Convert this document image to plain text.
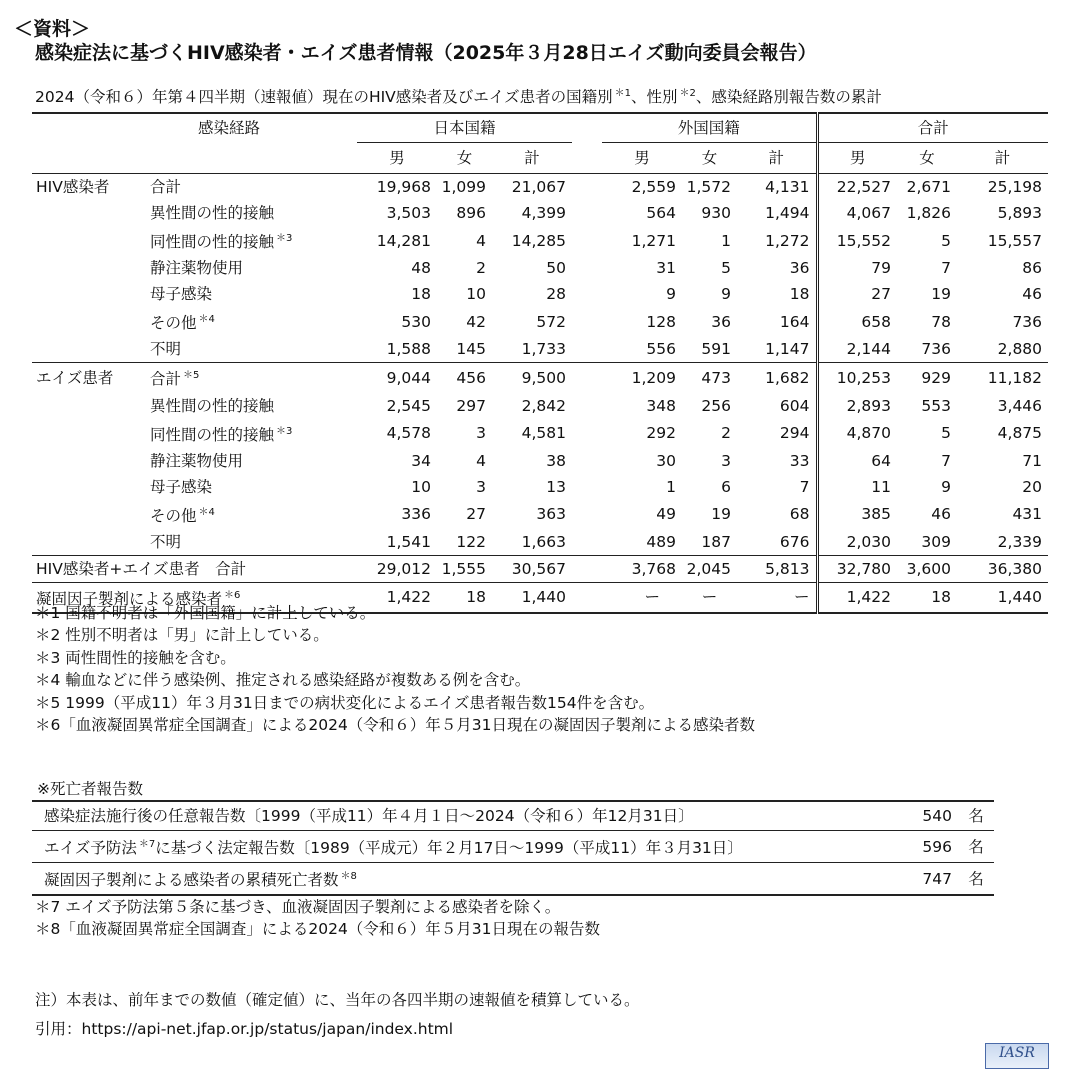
＜資料＞
感染症法に基づくHIV感染者・エイズ患者情報（2025年３月28日エイズ動向委員会報告）
2024（令和６）年第４四半期（速報値）現在のHIV感染者及びエイズ患者の国籍別 $^{*1}$、性別 $^{*2}$、感染経路別報告数の累計
	感染経路	日本国籍				外国国籍			合計		
		男	女	計		男	女	計	男	女	計
HIV感染者	合計	19,968	1,099	21,067		2,559	1,572	4,131	22,527	2,671	25,198
	異性間の性的接触	3,503	896	4,399		564	930	1,494	4,067	1,826	5,893
	同性間の性的接触 $^{*3}$	14,281	4	14,285		1,271	1	1,272	15,552	5	15,557
	静注薬物使用	48	2	50		31	5	36	79	7	86
	母子感染	18	10	28		9	9	18	27	19	46
	その他 $^{*4}$	530	42	572		128	36	164	658	78	736
	不明	1,588	145	1,733		556	591	1,147	2,144	736	2,880
エイズ患者	合計 $^{*5}$	9,044	456	9,500		1,209	473	1,682	10,253	929	11,182
	異性間の性的接触	2,545	297	2,842		348	256	604	2,893	553	3,446
	同性間の性的接触 $^{*3}$	4,578	3	4,581		292	2	294	4,870	5	4,875
	静注薬物使用	34	4	38		30	3	33	64	7	71
	母子感染	10	3	13		1	6	7	11	9	20
	その他 $^{*4}$	336	27	363		49	19	68	385	46	431
	不明	1,541	122	1,663		489	187	676	2,030	309	2,339
HIV感染者+エイズ患者　合計		29,012	1,555	30,567		3,768	2,045	5,813	32,780	3,600	36,380
凝固因子製剤による感染者 $^{*6}$		1,422	18	1,440		ー	ー	ー	1,422	18	1,440
＊1 国籍不明者は「外国国籍」に計上している。
＊2 性別不明者は「男」に計上している。
＊3 両性間性的接触を含む。
＊4 輸血などに伴う感染例、推定される感染経路が複数ある例を含む。
＊5 1999（平成11）年３月31日までの病状変化によるエイズ患者報告数154件を含む。
＊6「血液凝固異常症全国調査」による2024（令和６）年５月31日現在の凝固因子製剤による感染者数
※死亡者報告数
感染症法施行後の任意報告数〔1999（平成11）年４月１日〜2024（令和６）年12月31日〕	540	名
エイズ予防法 $^{*7}$に基づく法定報告数〔1989（平成元）年２月17日〜1999（平成11）年３月31日〕	596	名
凝固因子製剤による感染者の累積死亡者数 $^{*8}$	747	名
＊7 エイズ予防法第５条に基づき、血液凝固因子製剤による感染者を除く。
＊8「血液凝固異常症全国調査」による2024（令和６）年５月31日現在の報告数
注）本表は、前年までの数値（確定値）に、当年の各四半期の速報値を積算している。
引用：https://api-net.jfap.or.jp/status/japan/index.html
IASR
